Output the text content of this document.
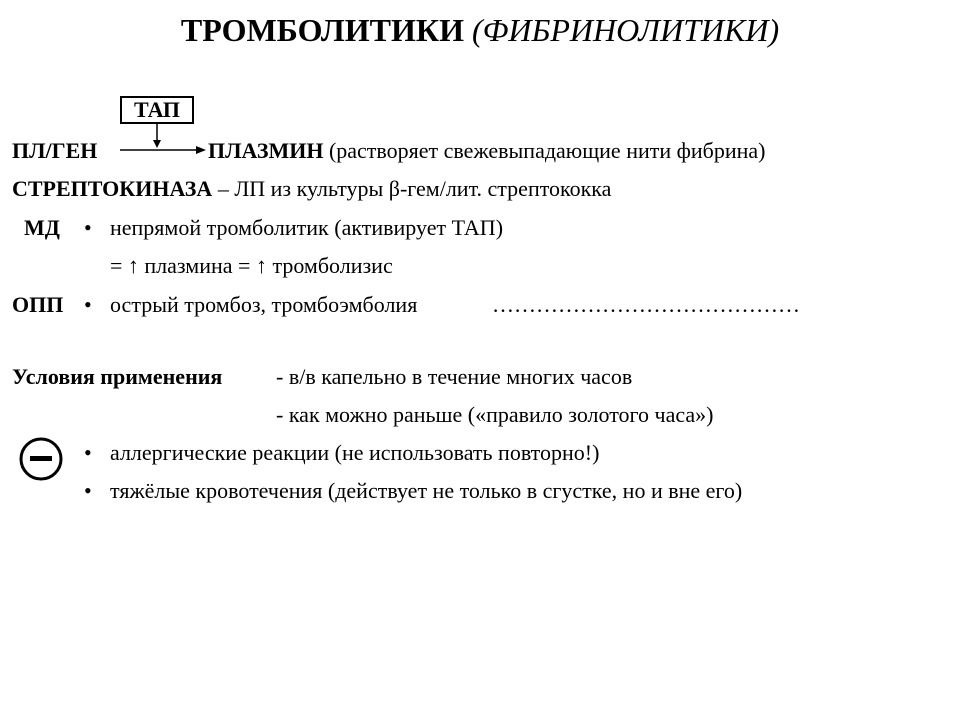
ТРОМБОЛИТИКИ (ФИБРИНОЛИТИКИ)
ТАП
ПЛ/ГЕН	ПЛАЗМИН (растворяет свежевыпадающие нити фибрина)
СТРЕПТОКИНАЗА – ЛП из культуры β-гем/лит. стрептококка
МД • непрямой тромболитик (активирует ТАП)
= ↑ плазмина = ↑ тромболизис
ОПП • острый тромбоз, тромбоэмболия	……………………………………
Условия применения - в/в капельно в течение многих часов
- как можно раньше («правило золотого часа»)
• аллергические реакции (не использовать повторно!)
• тяжёлые кровотечения (действует не только в сгустке, но и вне его)
